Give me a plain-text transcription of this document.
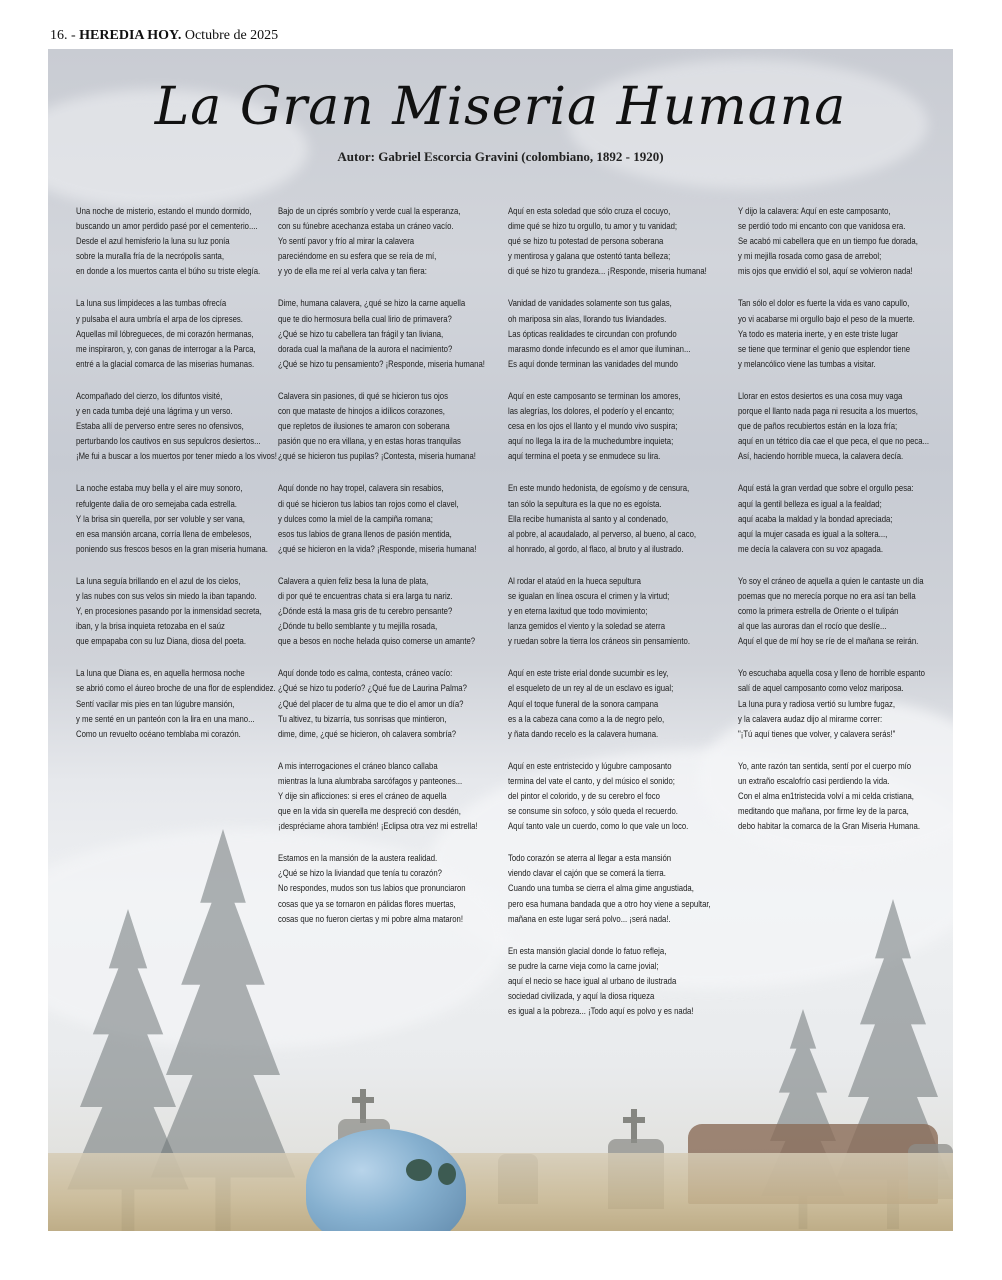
16. - HEREDIA HOY. Octubre de 2025
La Gran Miseria Humana
Autor: Gabriel Escorcia Gravini (colombiano, 1892 - 1920)
Una noche de misterio, estando el mundo dormido,
buscando un amor perdido pasé por el cementerio....
Desde el azul hemisferio la luna su luz ponía
sobre la muralla fría de la necrópolis santa,
en donde a los muertos canta el búho su triste elegía.
La luna sus limpideces a las tumbas ofrecía
y pulsaba el aura umbría el arpa de los cipreses.
Aquellas mil lóbregueces, de mi corazón hermanas,
me inspiraron, y, con ganas de interrogar a la Parca,
entré a la glacial comarca de las miserias humanas.
Acompañado del cierzo, los difuntos visité,
y en cada tumba dejé una lágrima y un verso.
Estaba allí de perverso entre seres no ofensivos,
perturbando los cautivos en sus sepulcros desiertos...
¡Me fui a buscar a los muertos por tener miedo a los vivos!
La noche estaba muy bella y el aire muy sonoro,
refulgente dalia de oro semejaba cada estrella.
Y la brisa sin querella, por ser voluble y ser vana,
en esa mansión arcana, corría llena de embelesos,
poniendo sus frescos besos en la gran miseria humana.
La luna seguía brillando en el azul de los cielos,
y las nubes con sus velos sin miedo la iban tapando.
Y, en procesiones pasando por la inmensidad secreta,
iban, y la brisa inquieta retozaba en el saúz
que empapaba con su luz Diana, diosa del poeta.
La luna que Diana es, en aquella hermosa noche
se abrió como el áureo broche de una flor de esplendidez.
Sentí vacilar mis pies en tan lúgubre mansión,
y me senté en un panteón con la lira en una mano...
Como un revuelto océano temblaba mi corazón.
Bajo de un ciprés sombrío y verde cual la esperanza,
con su fúnebre acechanza estaba un cráneo vacío.
Yo sentí pavor y frío al mirar la calavera
pareciéndome en su esfera que se reía de mí,
y yo de ella me reí al verla calva y tan fiera:
Dime, humana calavera, ¿qué se hizo la carne aquella
que te dio hermosura bella cual lirio de primavera?
¿Qué se hizo tu cabellera tan frágil y tan liviana,
dorada cual la mañana de la aurora el nacimiento?
¿Qué se hizo tu pensamiento? ¡Responde, miseria humana!
Calavera sin pasiones, di qué se hicieron tus ojos
con que mataste de hinojos a idílicos corazones,
que repletos de ilusiones te amaron con soberana
pasión que no era villana, y en estas horas tranquilas
¿qué se hicieron tus pupilas? ¡Contesta, miseria humana!
Aquí donde no hay tropel, calavera sin resabios,
di qué se hicieron tus labios tan rojos como el clavel,
y dulces como la miel de la campiña romana;
esos tus labios de grana llenos de pasión mentida,
¿qué se hicieron en la vida? ¡Responde, miseria humana!
Calavera a quien feliz besa la luna de plata,
di por qué te encuentras chata si era larga tu nariz.
¿Dónde está la masa gris de tu cerebro pensante?
¿Dónde tu bello semblante y tu mejilla rosada,
que a besos en noche helada quiso comerse un amante?
Aquí donde todo es calma, contesta, cráneo vacío:
¿Qué se hizo tu poderío? ¿Qué fue de Laurina Palma?
¿Qué del placer de tu alma que te dio el amor un día?
Tu altivez, tu bizarría, tus sonrisas que mintieron,
dime, dime, ¿qué se hicieron, oh calavera sombría?
A mis interrogaciones el cráneo blanco callaba
mientras la luna alumbraba sarcófagos y panteones...
Y dije sin aflicciones: si eres el cráneo de aquella
que en la vida sin querella me despreció con desdén,
¡despréciame ahora también! ¡Eclipsa otra vez mi estrella!
Estamos en la mansión de la austera realidad.
¿Qué se hizo la liviandad que tenía tu corazón?
No respondes, mudos son tus labios que pronunciaron
cosas que ya se tornaron en pálidas flores muertas,
cosas que no fueron ciertas y mi pobre alma mataron!
Aquí en esta soledad que sólo cruza el cocuyo,
dime qué se hizo tu orgullo, tu amor y tu vanidad;
qué se hizo tu potestad de persona soberana
y mentirosa y galana que ostentó tanta belleza;
di qué se hizo tu grandeza... ¡Responde, miseria humana!
Vanidad de vanidades solamente son tus galas,
oh mariposa sin alas, llorando tus liviandades.
Las ópticas realidades te circundan con profundo
marasmo donde infecundo es el amor que iluminan...
Es aquí donde terminan las vanidades del mundo
Aquí en este camposanto se terminan los amores,
las alegrías, los dolores, el poderío y el encanto;
cesa en los ojos el llanto y el mundo vivo suspira;
aquí no llega la ira de la muchedumbre inquieta;
aquí termina el poeta y se enmudece su lira.
En este mundo hedonista, de egoísmo y de censura,
tan sólo la sepultura es la que no es egoísta.
Ella recibe humanista al santo y al condenado,
al pobre, al acaudalado, al perverso, al bueno, al caco,
al honrado, al gordo, al flaco, al bruto y al ilustrado.
Al rodar el ataúd en la hueca sepultura
se igualan en línea oscura el crimen y la virtud;
y en eterna laxitud que todo movimiento;
lanza gemidos el viento y la soledad se aterra
y ruedan sobre la tierra los cráneos sin pensamiento.
Aquí en este triste erial donde sucumbir es ley,
el esqueleto de un rey al de un esclavo es igual;
Aquí el toque funeral de la sonora campana
es a la cabeza cana como a la de negro pelo,
y ñata dando recelo es la calavera humana.
Aquí en este entristecido y lúgubre camposanto
termina del vate el canto, y del músico el sonido;
del pintor el colorido, y de su cerebro el foco
se consume sin sofoco, y sólo queda el recuerdo.
Aquí tanto vale un cuerdo, como lo que vale un loco.
Todo corazón se aterra al llegar a esta mansión
viendo clavar el cajón que se comerá la tierra.
Cuando una tumba se cierra el alma gime angustiada,
pero esa humana bandada que a otro hoy viene a sepultar,
mañana en este lugar será polvo... ¡será nada!.
En esta mansión glacial donde lo fatuo refleja,
se pudre la carne vieja como la carne jovial;
aquí el necio se hace igual al urbano de ilustrada
sociedad civilizada, y aquí la diosa riqueza
es igual a la pobreza... ¡Todo aquí es polvo y es nada!
Y dijo la calavera: Aquí en este camposanto,
se perdió todo mi encanto con que vanidosa era.
Se acabó mi cabellera que en un tiempo fue dorada,
y mi mejilla rosada como gasa de arrebol;
mis ojos que envidió el sol, aquí se volvieron nada!
Tan sólo el dolor es fuerte la vida es vano capullo,
yo vi acabarse mi orgullo bajo el peso de la muerte.
Ya todo es materia inerte, y en este triste lugar
se tiene que terminar el genio que esplendor tiene
y melancólico viene las tumbas a visitar.
Llorar en estos desiertos es una cosa muy vaga
porque el llanto nada paga ni resucita a los muertos,
que de paños recubiertos están en la loza fría;
aquí en un tétrico día cae el que peca, el que no peca...
Así, haciendo horrible mueca, la calavera decía.
Aquí está la gran verdad que sobre el orgullo pesa:
aquí la gentil belleza es igual a la fealdad;
aquí acaba la maldad y la bondad apreciada;
aquí la mujer casada es igual a la soltera...,
me decía la calavera con su voz apagada.
Yo soy el cráneo de aquella a quien le cantaste un día
poemas que no merecía porque no era así tan bella
como la primera estrella de Oriente o el tulipán
al que las auroras dan el rocío que deslíe...
Aquí el que de mí hoy se ríe de el mañana se reirán.
Yo escuchaba aquella cosa y lleno de horrible espanto
salí de aquel camposanto como veloz mariposa.
La luna pura y radiosa vertió su lumbre fugaz,
y la calavera audaz dijo al mirarme correr:
"¡Tú aquí tienes que volver, y calavera serás!"
Yo, ante razón tan sentida, sentí por el cuerpo mío
un extraño escalofrío casi perdiendo la vida.
Con el alma en1tristecida volví a mi celda cristiana,
meditando que mañana, por firme ley de la parca,
debo habitar la comarca de la Gran Miseria Humana.
